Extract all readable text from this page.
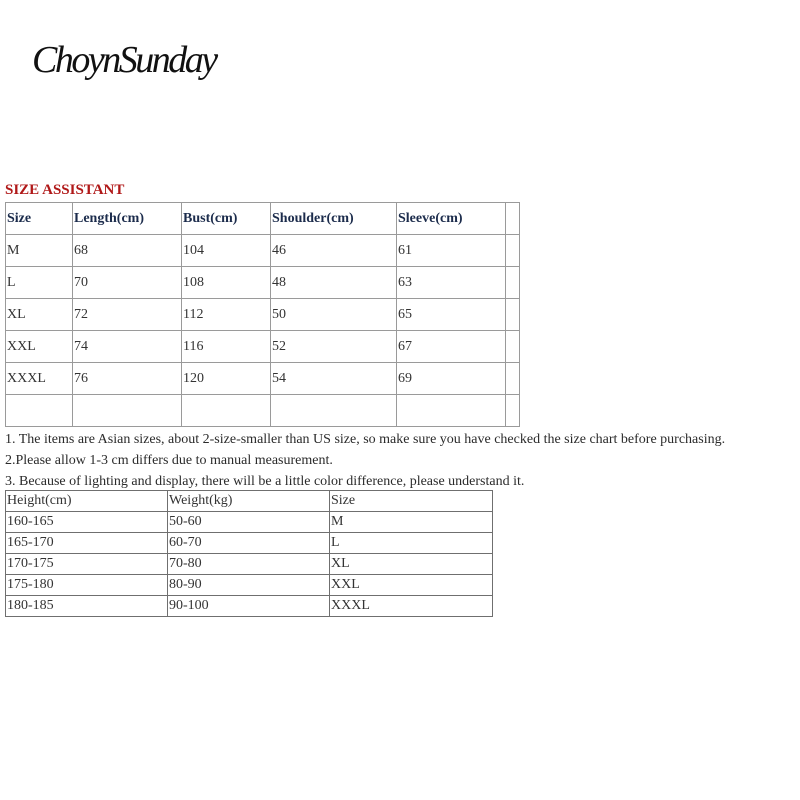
ChoynSunday
SIZE ASSISTANT
Size	Length(cm)	Bust(cm)	Shoulder(cm)	Sleeve(cm)	
M	68	104	46	61	
L	70	108	48	63	
XL	72	112	50	65	
XXL	74	116	52	67	
XXXL	76	120	54	69	

1. The items are Asian sizes, about 2-size-smaller than US size, so make sure you have checked the size chart before purchasing.
2.Please allow 1-3 cm differs due to manual measurement.
3. Because of lighting and display, there will be a little color difference, please understand it.
Height(cm)	Weight(kg)	Size
160-165	50-60	M
165-170	60-70	L
170-175	70-80	XL
175-180	80-90	XXL
180-185	90-100	XXXL
